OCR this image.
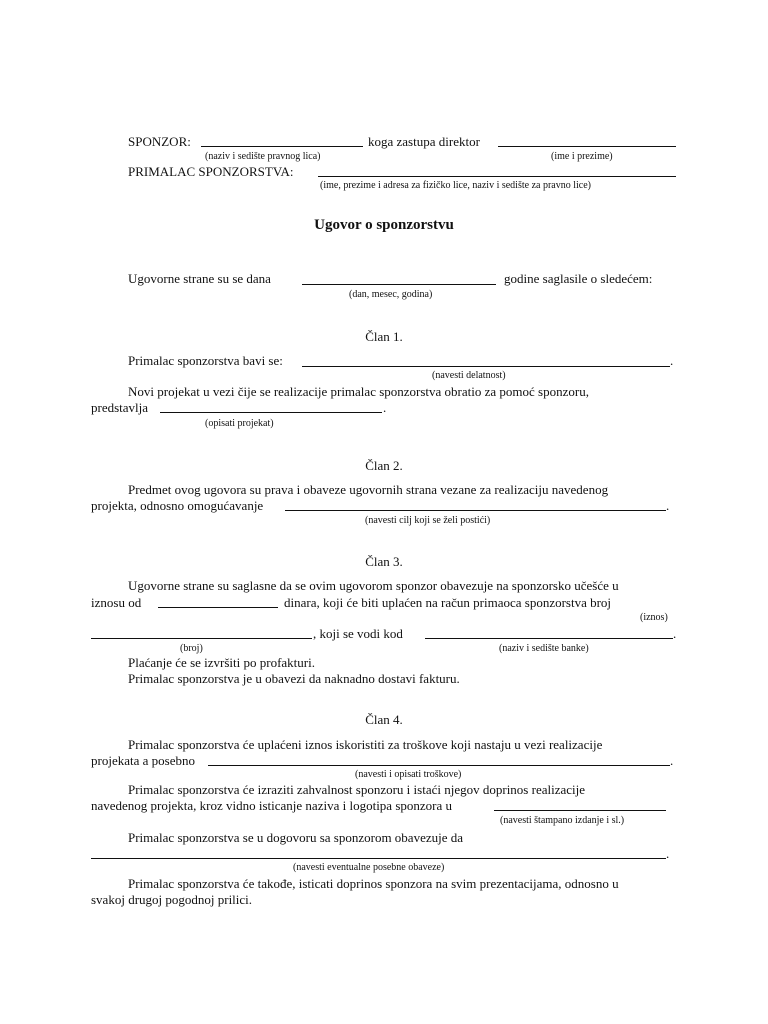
SPONZOR:	koga zastupa direktor
(naziv i sedište pravnog lica)	(ime i prezime)
PRIMALAC SPONZORSTVA:
(ime, prezime i adresa za fizičko lice, naziv i sedište za pravno lice)
Ugovor o sponzorstvu
Ugovorne strane su se dana	godine saglasile o sledećem:
(dan, mesec, godina)
Član 1.
Primalac sponzorstva bavi se:	.
(navesti delatnost)
Novi projekat u vezi čije se realizacije primalac sponzorstva obratio za pomoć sponzoru,
predstavlja	.
(opisati projekat)
Član 2.
Predmet ovog ugovora su prava i obaveze ugovornih strana vezane za realizaciju navedenog
projekta, odnosno omogućavanje	.
(navesti cilj koji se želi postići)
Član 3.
Ugovorne strane su saglasne da se ovim ugovorom sponzor obavezuje na sponzorsko učešće u
iznosu od	dinara, koji će biti uplaćen na račun primaoca sponzorstva broj
(iznos)
, koji se vodi kod	.
(broj)	(naziv i sedište banke)
Plaćanje će se izvršiti po profakturi.
Primalac sponzorstva je u obavezi da naknadno dostavi fakturu.
Član 4.
Primalac sponzorstva će uplaćeni iznos iskoristiti za troškove koji nastaju u vezi realizacije
projekata a posebno	.
(navesti i opisati troškove)
Primalac sponzorstva će izraziti zahvalnost sponzoru i istaći njegov doprinos realizacije
navedenog projekta, kroz vidno isticanje naziva i logotipa sponzora u
(navesti štampano izdanje i sl.)
Primalac sponzorstva se u dogovoru sa sponzorom obavezuje da
.
(navesti eventualne posebne obaveze)
Primalac sponzorstva će takođe, isticati doprinos sponzora na svim prezentacijama, odnosno u
svakoj drugoj pogodnoj prilici.
